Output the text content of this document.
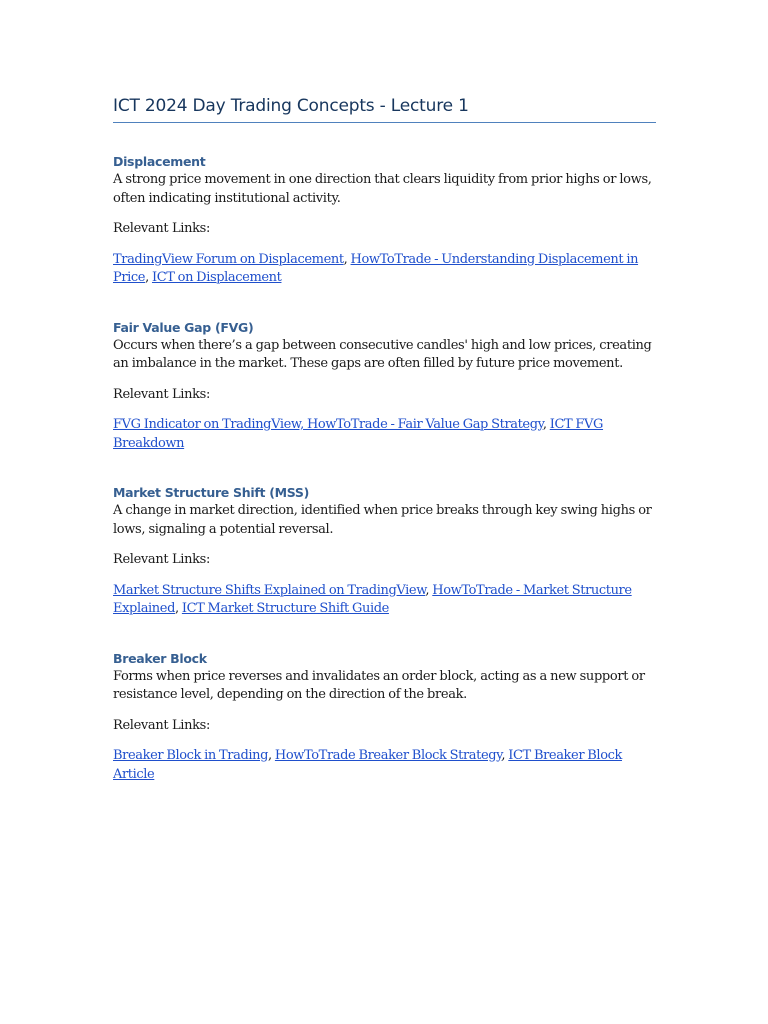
ICT 2024 Day Trading Concepts - Lecture 1
Displacement

A strong price movement in one direction that clears liquidity from prior highs or lows, often indicating institutional activity.

Relevant Links:

TradingView Forum on Displacement, HowToTrade - Understanding Displacement in Price, ICT on Displacement

Fair Value Gap (FVG)

Occurs when there’s a gap between consecutive candles' high and low prices, creating an imbalance in the market. These gaps are often filled by future price movement.

Relevant Links:

FVG Indicator on TradingView, HowToTrade - Fair Value Gap Strategy, ICT FVG Breakdown

Market Structure Shift (MSS)

A change in market direction, identified when price breaks through key swing highs or lows, signaling a potential reversal.

Relevant Links:

Market Structure Shifts Explained on TradingView, HowToTrade - Market Structure Explained, ICT Market Structure Shift Guide

Breaker Block

Forms when price reverses and invalidates an order block, acting as a new support or resistance level, depending on the direction of the break.

Relevant Links:

Breaker Block in Trading, HowToTrade Breaker Block Strategy, ICT Breaker Block Article
